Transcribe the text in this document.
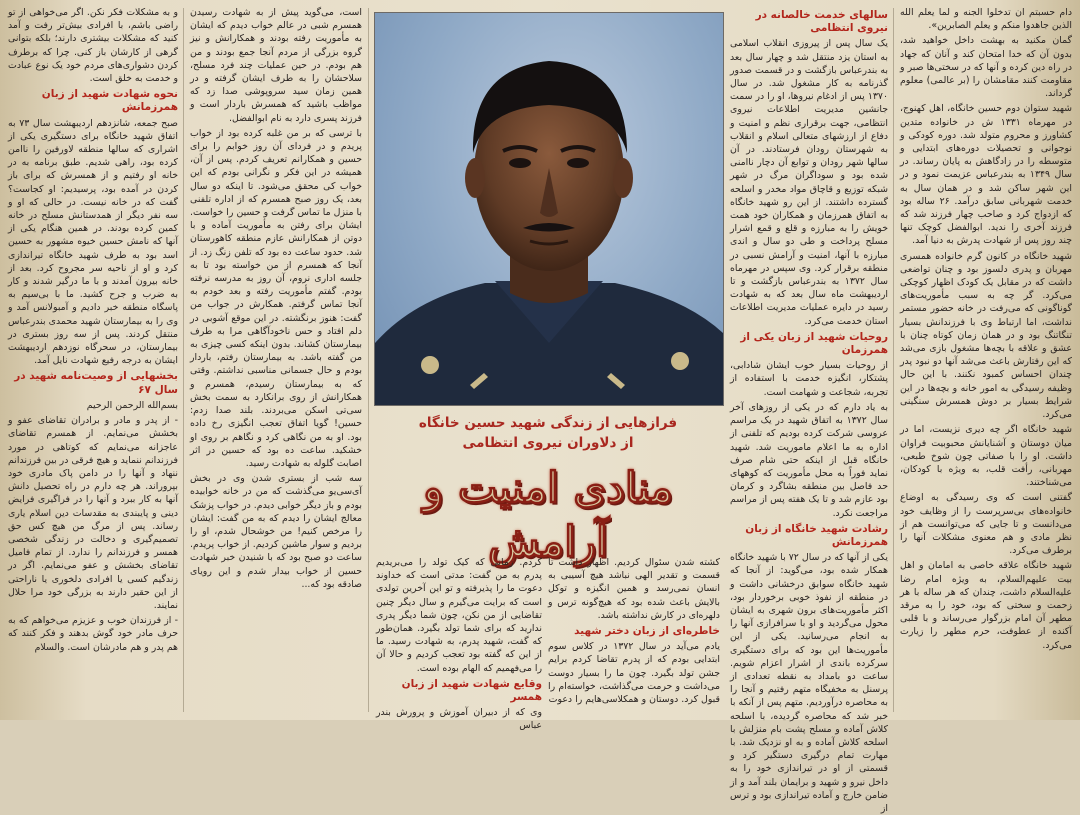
دام حسبتم ان تدخلوا الجنه و لما یعلم الله الذین جاهدوا منکم و یعلم الصابرین».

گمان مکنید به بهشت داخل خواهید شد، بدون آن که خدا امتحان کند و آنان که جهاد در راه دین کرده و آنها که در سختی‌ها صبر و مقاومت کنند مقامشان را (بر عالمی) معلوم گرداند.

شهید ستوان دوم حسین خانگاه، اهل کهنوج، در مهرماه ۱۳۳۱ ش در خانواده متدین کشاورز و محروم متولد شد. دوره کودکی و نوجوانی و تحصیلات دوره‌های ابتدایی و متوسطه را در زادگاهش به پایان رساند. در سال ۱۳۴۹ به بندرعباس عزیمت نمود و در این شهر ساکن شد و در همان سال به خدمت شهربانی سابق درآمد. ۲۶ ساله بود که ازدواج کرد و صاحب چهار فرزند شد که فرزند آخری را ندید. ابوالفضل کوچک تنها چند روز پس از شهادت پدرش به دنیا آمد.

شهید خانگاه در کانون گرم خانواده همسری مهربان و پدری دلسوز بود و چنان تواضعی داشت که در مقابل یک کودک اظهار کوچکی می‌کرد. گر چه به سبب مأموریت‌های گوناگونی که می‌رفت در خانه حضور مستمر نداشت، اما ارتباط وی با فرزندانش بسیار تنگاتنگ بود و در همان زمان کوتاه چنان با عشق و علاقه با بچه‌ها مشغول بازی می‌شد که این رفتارش باعث می‌شد آنها دو نبود پدر چندان احساس کمبود نکنند. با این حال وظیفه رسیدگی به امور خانه و بچه‌ها در این شرایط بسیار بر دوش همسرش سنگینی می‌کرد.

شهید خانگاه اگر چه دیری نزیست، اما در میان دوستان و آشنایانش محبوبیت فراوان داشت. او را با صفاتی چون شوخ طبعی، مهربانی، رأفت قلب، به ویژه با کودکان، می‌شناختند.

گفتنی است که وی رسیدگی به اوضاع خانواده‌های بی‌سرپرست را از وظایف خود می‌دانست و تا جایی که می‌توانست هم از نظر مادی و هم معنوی مشکلات آنها را برطرف می‌کرد.

شهید خانگاه علاقه خاصی به امامان و اهل بیت علیهم‌السلام، به ویژه امام رضا علیه‌السلام داشت، چندان که هر ساله با هر زحمت و سختی که بود، خود را به مرقد مطهر آن امام بزرگوار می‌رساند و با قلبی آکنده از عطوفت، حرم مطهر را زیارت می‌کرد.

سالهای خدمت خالصانه در نیروی انتظامی

یک سال پس از پیروزی انقلاب اسلامی به استان یزد منتقل شد و چهار سال بعد به بندرعباس بازگشت و در قسمت صدور گذرنامه به کار مشغول شد. در سال ۱۳۷۰ پس از ادغام نیروها، او را در سمت جانشین مدیریت اطلاعات نیروی انتظامی، جهت برقراری نظم و امنیت و دفاع از ارزشهای متعالی اسلام و انقلاب به شهرستان رودان فرستادند. در آن سالها شهر رودان و توابع آن دچار ناامنی شده بود و سوداگران مرگ در شهر شبکه توزیع و قاچاق مواد مخدر و اسلحه گسترده داشتند. از این رو شهید خانگاه به اتفاق همرزمان و همکاران خود همت خویش را به مبارزه و قلع و قمع اشرار مسلح پرداخت و طی دو سال و اندی مبارزه با آنها، امنیت و آرامش نسبی در منطقه برقرار کرد. وی سپس در مهرماه سال ۱۳۷۲ به بندرعباس بازگشت و تا اردیبهشت ماه سال بعد که به شهادت رسید در دایره عملیات مدیریت اطلاعات استان خدمت می‌کرد.

روحیات شهید از زبان یکی از همرزمان

از روحیات بسیار خوب ایشان شادابی، پشتکار، انگیزه خدمت با استفاده از تجربه، شجاعت و شهامت است.

به یاد دارم که در یکی از روزهای آخر سال ۱۳۷۲ به اتفاق شهید در یک مراسم عروسی شرکت کرده بودیم که تلفنی از اداره به ما اعلام ماموریت شد. شهید خانگاه قبل از اینکه حتی شام صرف نماید فوراً به محل مأموریت که کوههای حد فاصل بین منطقه بشاگرد و کرمان بود عازم شد و تا یک هفته پس از مراسم مراجعت نکرد.

رشادت شهید خانگاه از زبان همرزمانش

یکی از آنها که در سال ۷۲ با شهید خانگاه همکار شده بود، می‌گوید: از آنجا که شهید خانگاه سوابق درخشانی داشت و در منطقه از نفوذ خوبی برخوردار بود، اکثر مأموریت‌های برون شهری به ایشان محول می‌گردید و او با سرافرازی آنها را به انجام می‌رسانید. یکی از این مأموریت‌ها این بود که برای دستگیری سرکرده باندی از اشرار اعزام شویم. ساعت دو بامداد به نقطه تعدادی از پرسنل به مخفیگاه متهم رفتیم و آنجا را به محاصره درآوردیم. متهم پس از آنکه با خبر شد که محاصره گردیده، با اسلحه کلاش آماده و مسلح پشت بام منزلش با اسلحه کلاش آماده و به او نزدیک شد. با مهارت تمام درگیری دستگیر کرد و قسمتی از او در تیراندازی خود را به داخل نیرو و شهید و برایمان بلند آمد و از ضامن خارج و آماده تیراندازی بود و ترس از

فرازهایی از زندگی شهید حسین خانگاه
از دلاوران نیروی انتظامی
منادی امنیت و آرامش

کشته شدن سئوال کردیم. اظهار داشت تا قسمت و تقدیر الهی نباشد هیچ آسیبی به انسان نمی‌رسد و همین انگیزه و توکل بالایش باعث شده بود که هیچ‌گونه ترس و دلهره‌ای در کارش نداشته باشد.

خاطره‌ای از زبان دختر شهید

یادم می‌آید در سال ۱۳۷۲ در کلاس سوم ابتدایی بودم که از پدرم تقاضا کردم برایم جشن تولد بگیرد. چون ما را بسیار دوست می‌داشت و حرمت می‌گذاشت، خواسته‌ام را قبول کرد. دوستان و همکلاسی‌هایم را دعوت

کردم. زمانی که کیک تولد را می‌بریدیم پدرم به من گفت: مدتی است که خداوند دعوت ما را پذیرفته و تو این آخرین تولدی است که برایت می‌گیرم و سال دیگر چنین تقاضایی از من نکن، چون شما دیگر پدری ندارید که برای شما تولد بگیرد. همان‌طور که گفت، شهید پدرم، به شهادت رسید. ما از این که گفته بود تعجب کردیم و حالا آن را می‌فهمیم که الهام بوده است.

وقایع شهادت شهید از زبان همسر

وی که از دبیران آموزش و پرورش بندر عباس

است، می‌گوید پیش از به شهادت رسیدن همسرم شبی در عالم خواب دیدم که ایشان به مأموریت رفته بودند و همکارانش و نیز گروه بزرگی از مردم آنجا جمع بودند و من هم بودم. در حین عملیات چند فرد مسلح، سلاحشان را به طرف ایشان گرفته و در همین زمان سید سروپوشی صدا زد که مواظب باشید که همسرش باردار است و فرزند پسری دارد به نام ابوالفضل.

با ترسی که بر من غلبه کرده بود از خواب پریدم و در فردای آن روز خوابم را برای حسین و همکارانم تعریف کردم. پس از آن، همیشه در این فکر و نگرانی بودم که این خواب کی محقق می‌شود. تا اینکه دو سال بعد، یک روز صبح همسرم که از اداره تلفنی با منزل ما تماس گرفت و حسین را خواست. ایشان برای رفتن به مأموریت آماده و با دوتن از همکارانش عازم منطقه کاهورستان شد. حدود ساعت ده بود که تلفن زنگ زد. از آنجا که همسرم از من خواسته بود تا به جلسه اداری نروم، آن روز به مدرسه نرفته بودم. گفتم مأموریت رفته و بعد خودم به آنجا تماس گرفتم. همکارش در جواب من گفت: هنوز برنگشته. در این موقع آشوبی در دلم افتاد و حس ناخودآگاهی مرا به طرف بیمارستان کشاند. بدون اینکه کسی چیزی به من گفته باشد. به بیمارستان رفتم، باردار بودم و حال جسمانی مناسبی نداشتم. وقتی که به بیمارستان رسیدم، همسرم و همکارانش از روی برانکارد به سمت بخش سی‌تی اسکن می‌بردند. بلند صدا زدم: حسین! گویا اتفاق تعجب انگیزی رخ داده بود. او به من نگاهی کرد و نگاهم بر روی او خشکید. ساعت ده بود که حسین در اثر اصابت گلوله به شهادت رسید.

سه شب از بستری شدن وی در بخش آی‌سی‌یو می‌گذشت که من در خانه خوابیده بودم و باز دیگر خوابی دیدم. در خواب پزشک معالج ایشان را دیدم که به من گفت: ایشان را مرخص کنیم! من خوشحال شدم، او را بردیم و سوار ماشین کردیم. از خواب پریدم. ساعت دو صبح بود که با شنیدن خبر شهادت حسین از خواب بیدار شدم و این رویای صادقه بود که...

و به مشکلات فکر نکن. اگر می‌خواهی از تو راضی باشم، با افرادی بیش‌تر رفت و آمد کنید که مشکلات بیشتری دارند؛ بلکه بتوانی گرهی از کارشان باز کنی. چرا که برطرف کردن دشواری‌های مردم خود یک نوع عبادت و خدمت به خلق است.

نحوه شهادت شهید از زبان همرزمانش

صبح جمعه، شانزدهم اردیبهشت سال ۷۳ به اتفاق شهید خانگاه برای دستگیری یکی از اشراری که سالها منطقه لاورفین را ناامن کرده بود، راهی شدیم. طبق برنامه به در خانه او رفتیم و از همسرش که برای باز کردن در آمده بود، پرسیدیم: او کجاست؟ گفت که در خانه نیست. در حالی که او و سه نفر دیگر از همدستانش مسلح در خانه کمین کرده بودند. در همین هنگام یکی از آنها که نامش حسین خیوه مشهور به حسین اسد بود به طرف شهید خانگاه تیراندازی کرد و او از ناحیه سر مجروح کرد. بعد از خانه بیرون آمدند و با ما درگیر شدند و کار به ضرب و جرح کشید. ما با بی‌سیم به پاسگاه منطقه خبر دادیم و آمبولانس آمد و وی را به بیمارستان شهید محمدی بندرعباس منتقل کردند. پس از سه روز بستری در بیمارستان، در سحرگاه نوزدهم اردیبهشت ایشان به درجه رفیع شهادت نایل آمد.

بخشهایی از وصیت‌نامه شهید در سال ۶۷

بسم‌الله الرحمن الرحیم

- از پدر و مادر و برادران تقاضای عفو و بخشش می‌نمایم. از همسرم تقاضای عاجزانه می‌نمایم که کوتاهی در مورد فرزندانم ننماید و هیچ فرقی در بین فرزندانم ننهاد و آنها را در دامن پاک مادری خود بپروراند. هر چه دارم در راه تحصیل دانش آنها به کار ببرد و آنها را در فراگیری فرایض دینی و پایبندی به مقدسات دین اسلام یاری رساند. پس از مرگ من هیچ کس حق تصمیم‌گیری و دخالت در زندگی شخصی همسر و فرزندانم را ندارد. از تمام فامیل تقاضای بخشش و عفو می‌نمایم. اگر در زندگیم کسی یا افرادی دلخوری یا ناراحتی از این حقیر دارند به بزرگی خود مرا حلال نمایند.

- از فرزندان خوب و عزیزم می‌خواهم که به حرف مادر خود گوش بدهند و فکر کنند که هم پدر و هم مادرشان است. والسلام
